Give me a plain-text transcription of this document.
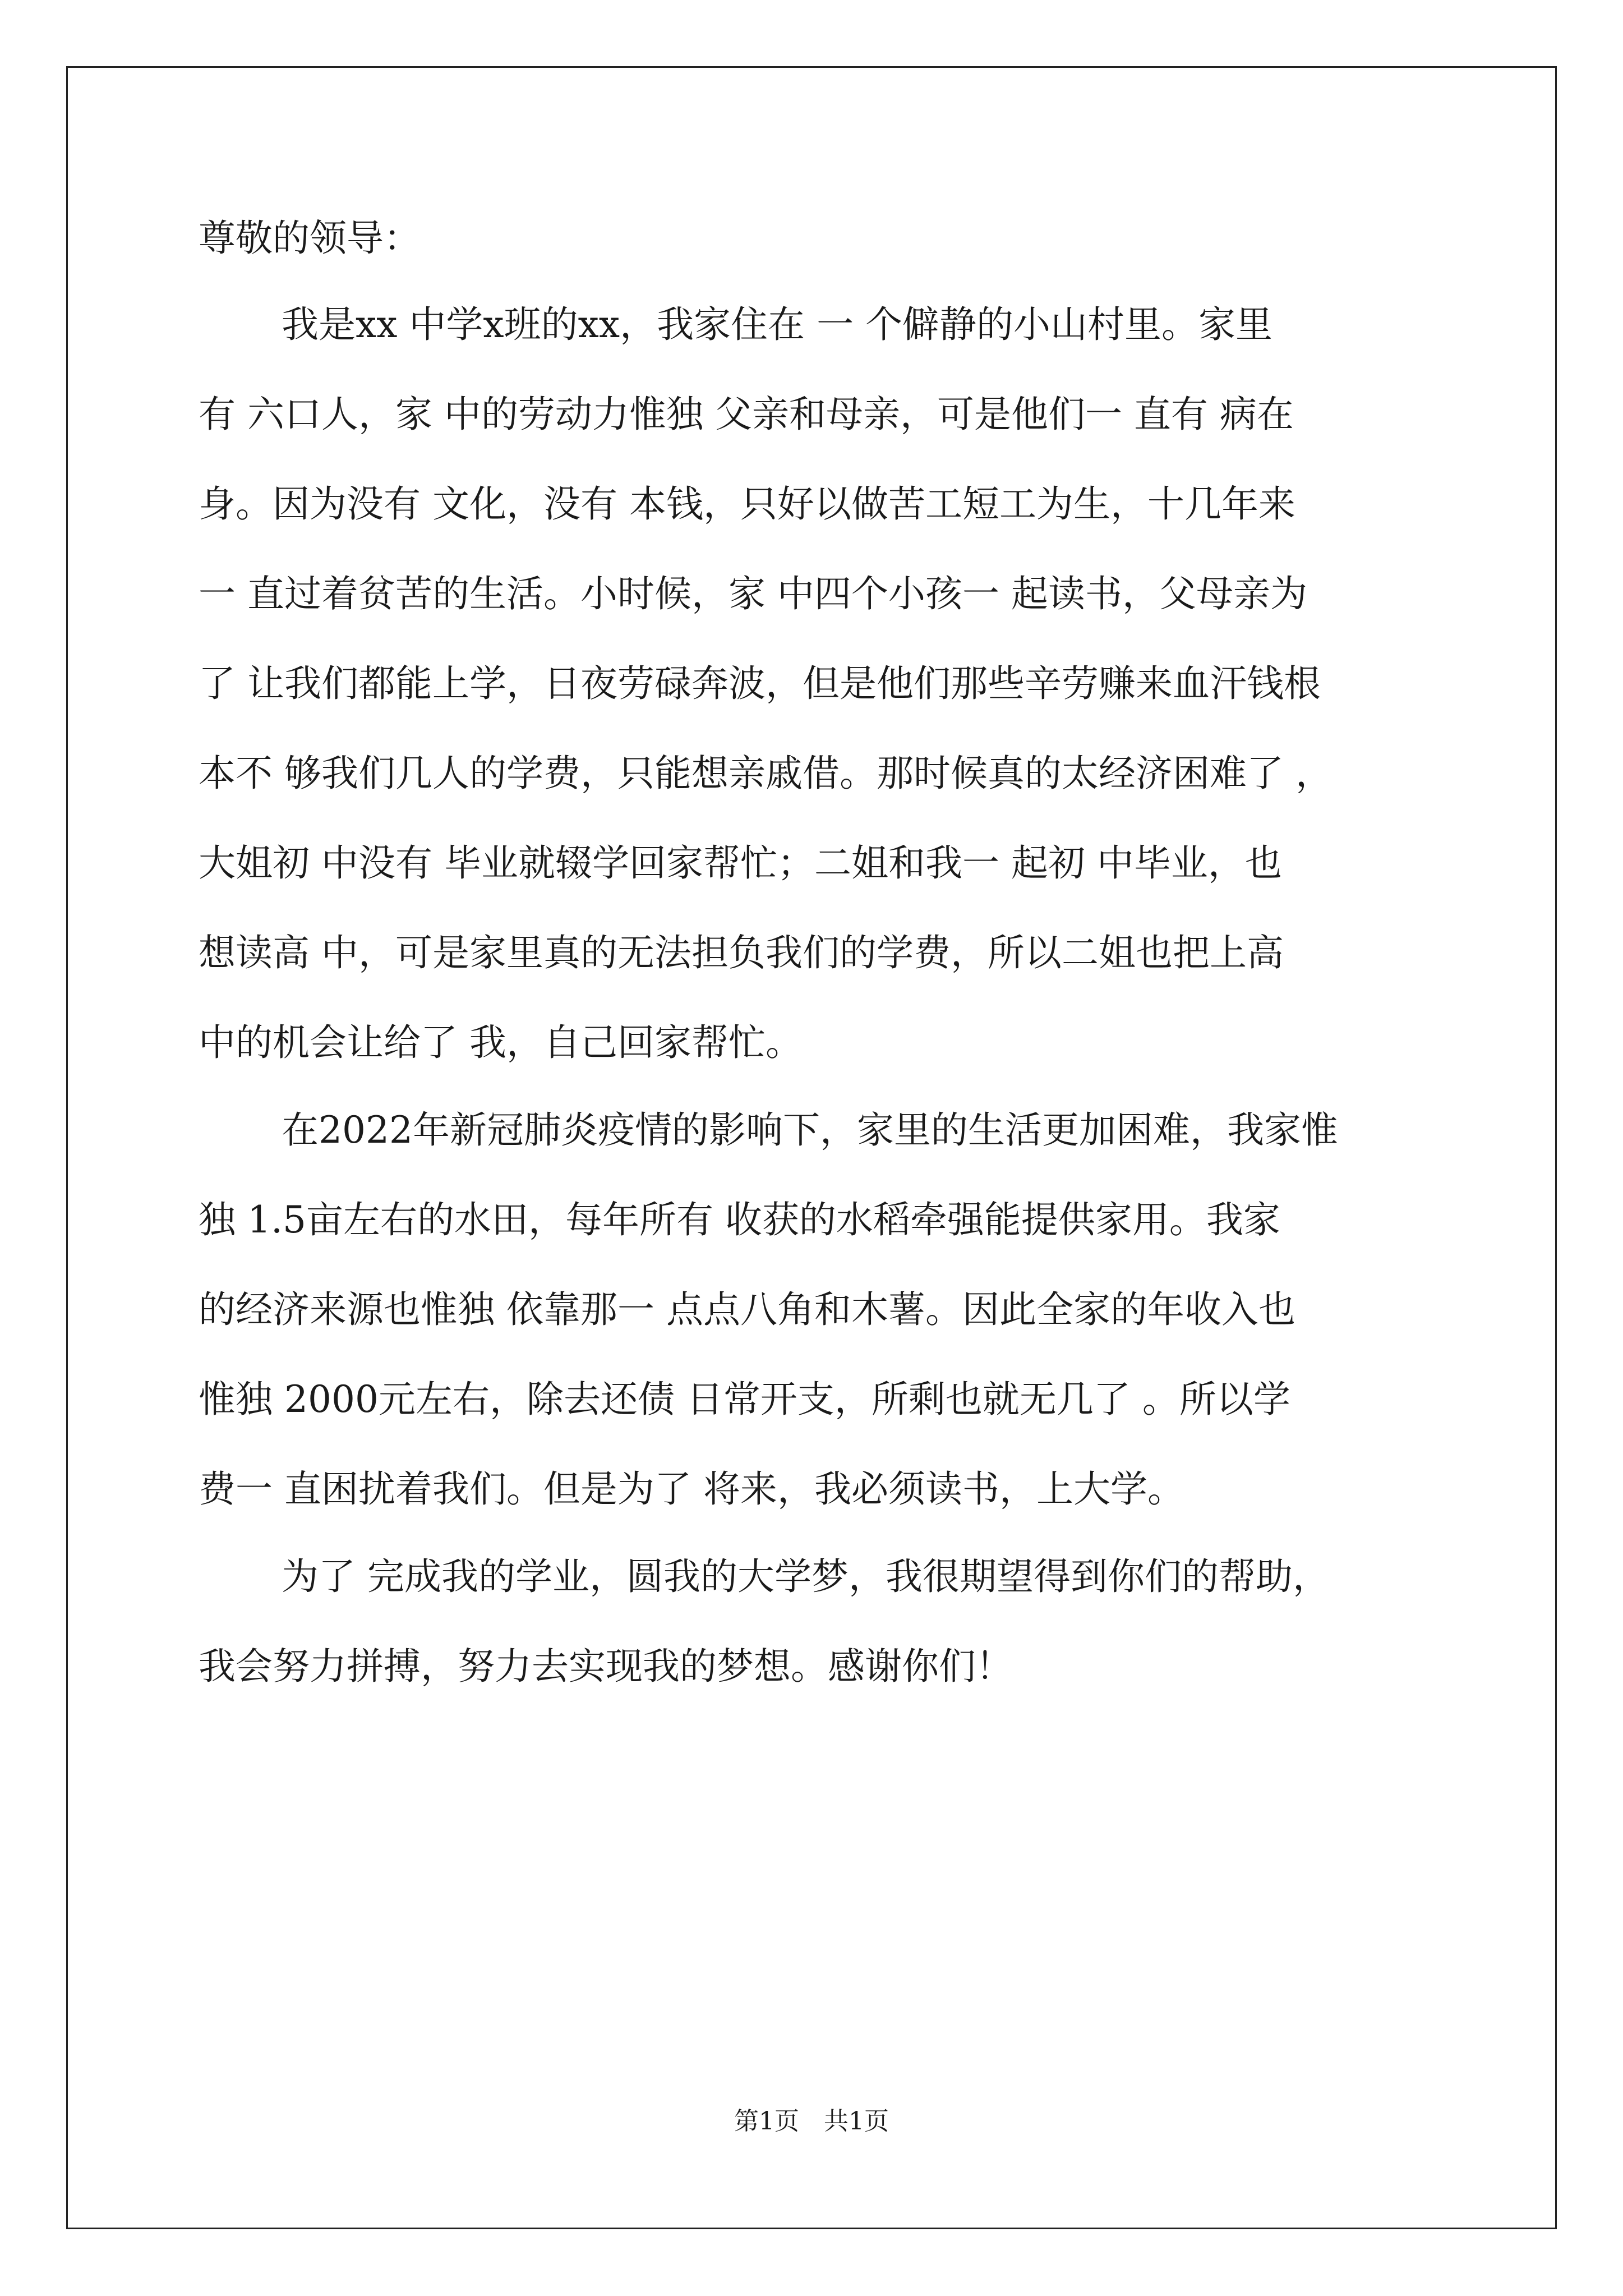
尊敬的领导：
我是xx 中学x班的xx，我家住在 一 个僻静的小山村里。家里
有 六口人，家 中的劳动力惟独 父亲和母亲，可是他们一 直有 病在
身。因为没有 文化，没有 本钱，只好以做苦工短工为生，十几年来
一 直过着贫苦的生活。小时候，家 中四个小孩一 起读书，父母亲为
了 让我们都能上学，日夜劳碌奔波，但是他们那些辛劳赚来血汗钱根
本不 够我们几人的学费，只能想亲戚借。那时候真的太经济困难了 ，
大姐初 中没有 毕业就辍学回家帮忙；二姐和我一 起初 中毕业，也
想读高 中，可是家里真的无法担负我们的学费，所以二姐也把上高
中的机会让给了 我，自己回家帮忙。
在2022年新冠肺炎疫情的影响下，家里的生活更加困难，我家惟
独 1.5亩左右的水田，每年所有 收获的水稻牵强能提供家用。我家
的经济来源也惟独 依靠那一 点点八角和木薯。因此全家的年收入也
惟独 2000元左右，除去还债 日常开支，所剩也就无几了 。所以学
费一 直困扰着我们。但是为了 将来，我必须读书，上大学。
为了 完成我的学业，圆我的大学梦，我很期望得到你们的帮助，
我会努力拼搏，努力去实现我的梦想。感谢你们！
第1页　共1页
